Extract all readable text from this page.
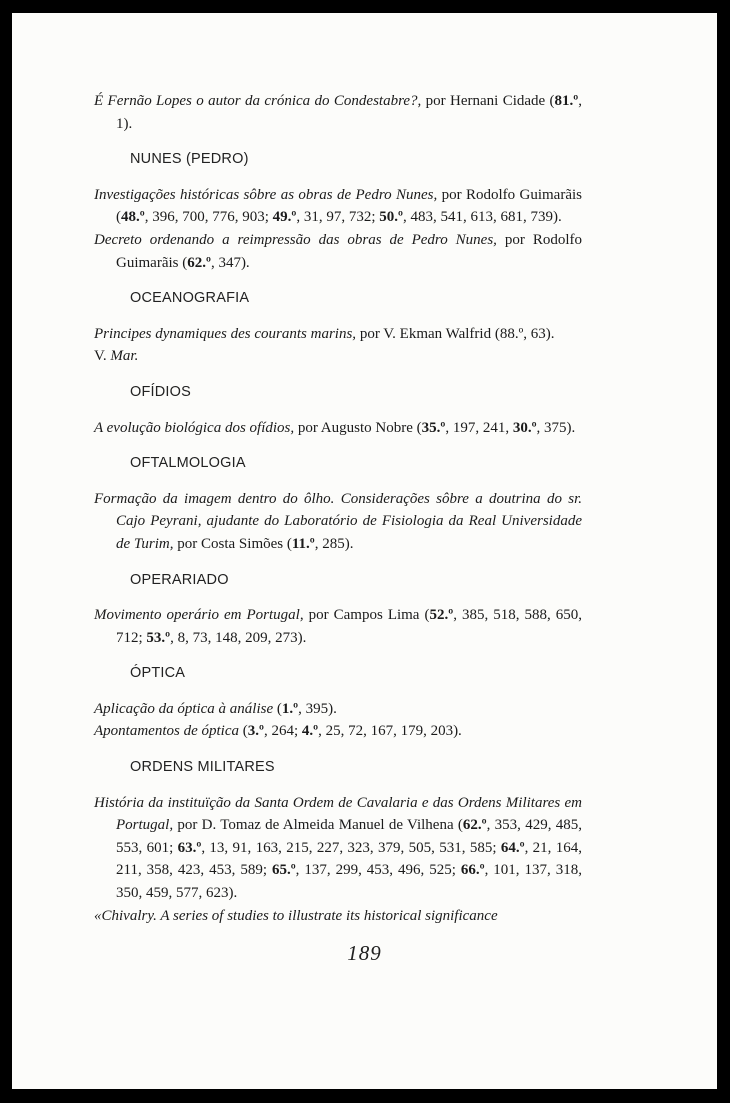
É Fernão Lopes o autor da crónica do Condestabre?, por Hernani Cidade (81.º, 1).

NUNES (PEDRO)

Investigações históricas sôbre as obras de Pedro Nunes, por Rodolfo Guimarãis (48.º, 396, 700, 776, 903; 49.º, 31, 97, 732; 50.º, 483, 541, 613, 681, 739).

Decreto ordenando a reimpressão das obras de Pedro Nunes, por Rodolfo Guimarãis (62.º, 347).

OCEANOGRAFIA

Principes dynamiques des courants marins, por V. Ekman Walfrid (88.º, 63).

V. Mar.

OFÍDIOS

A evolução biológica dos ofídios, por Augusto Nobre (35.º, 197, 241, 30.º, 375).

OFTALMOLOGIA

Formação da imagem dentro do ôlho. Considerações sôbre a doutrina do sr. Cajo Peyrani, ajudante do Laboratório de Fisiologia da Real Universidade de Turim, por Costa Simões (11.º, 285).

OPERARIADO

Movimento operário em Portugal, por Campos Lima (52.º, 385, 518, 588, 650, 712; 53.º, 8, 73, 148, 209, 273).

ÓPTICA

Aplicação da óptica à análise (1.º, 395).

Apontamentos de óptica (3.º, 264; 4.º, 25, 72, 167, 179, 203).

ORDENS MILITARES

História da instituïção da Santa Ordem de Cavalaria e das Ordens Militares em Portugal, por D. Tomaz de Almeida Manuel de Vilhena (62.º, 353, 429, 485, 553, 601; 63.º, 13, 91, 163, 215, 227, 323, 379, 505, 531, 585; 64.º, 21, 164, 211, 358, 423, 453, 589; 65.º, 137, 299, 453, 496, 525; 66.º, 101, 137, 318, 350, 459, 577, 623).

«Chivalry. A series of studies to illustrate its historical significance

189
